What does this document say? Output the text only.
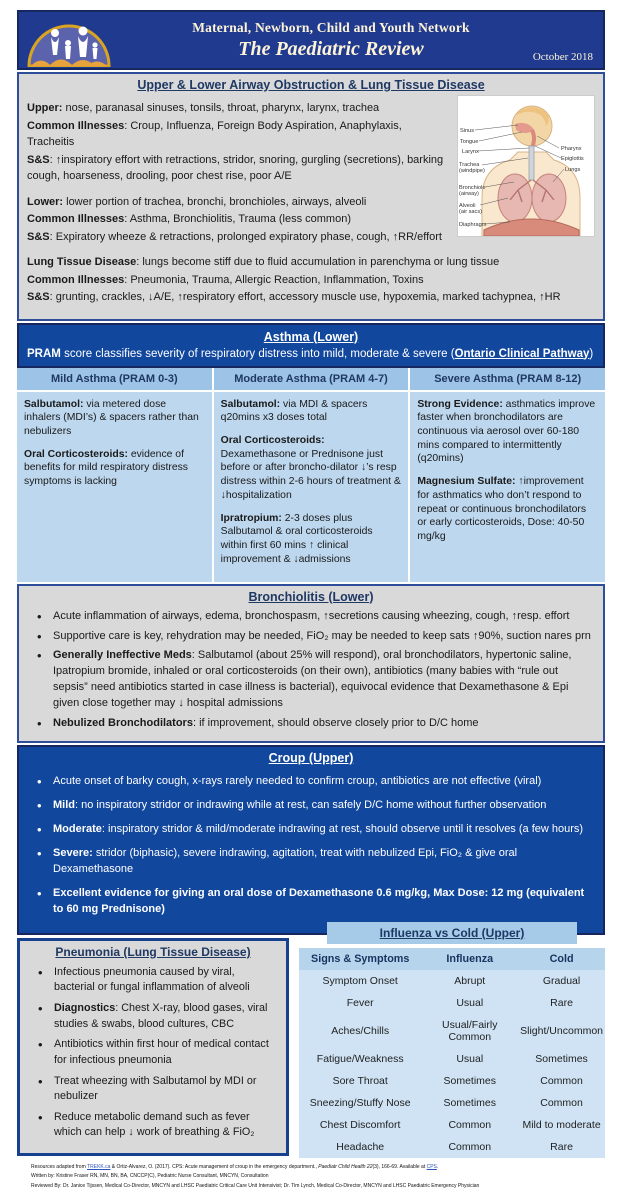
Maternal, Newborn, Child and Youth Network
The Paediatric Review	October 2018
Upper & Lower Airway Obstruction & Lung Tissue Disease
Sinus
Tongue
Larynx
Trachea
(windpipe)
Bronchiole
(airway)
Alveoli
(air sacs)
Diaphragm
Pharynx
Epiglottis
Lungs
Upper: nose, paranasal sinuses, tonsils, throat, pharynx, larynx, trachea
Common Illnesses: Croup, Influenza, Foreign Body Aspiration, Anaphylaxis, Tracheitis
S&S: ↑inspiratory effort with retractions, stridor, snoring, gurgling (secretions), barking cough, hoarseness, drooling, poor chest rise, poor A/E
Lower: lower portion of trachea, bronchi, bronchioles, airways, alveoli
Common Illnesses: Asthma, Bronchiolitis, Trauma (less common)
S&S: Expiratory wheeze & retractions, prolonged expiratory phase, cough, ↑RR/effort
Lung Tissue Disease: lungs become stiff due to fluid accumulation in parenchyma or lung tissue
Common Illnesses: Pneumonia, Trauma, Allergic Reaction, Inflammation, Toxins
S&S: grunting, crackles, ↓A/E, ↑respiratory effort, accessory muscle use, hypoxemia, marked tachypnea, ↑HR
Asthma (Lower)
PRAM score classifies severity of respiratory distress into mild, moderate & severe (Ontario Clinical Pathway)
Mild Asthma (PRAM 0-3)
Salbutamol: via metered dose inhalers (MDI’s) & spacers rather than nebulizers
Oral Corticosteroids: evidence of benefits for mild respiratory distress symptoms is lacking
Moderate Asthma (PRAM 4-7)
Salbutamol: via MDI & spacers q20mins x3 doses total
Oral Corticosteroids: Dexamethasone or Prednisone just before or after broncho-dilator ↓’s resp distress within 2-6 hours of treatment & ↓hospitalization
Ipratropium: 2-3 doses plus Salbutamol & oral corticosteroids within first 60 mins ↑ clinical improvement & ↓admissions
Severe Asthma (PRAM 8-12)
Strong Evidence: asthmatics improve faster when bronchodilators are continuous via aerosol over 60-180 mins compared to intermittently (q20mins)
Magnesium Sulfate: ↑improvement for asthmatics who don’t respond to repeat or continuous bronchodilators or early corticosteroids, Dose: 40-50 mg/kg
Bronchiolitis (Lower)
• Acute inflammation of airways, edema, bronchospasm, ↑secretions causing wheezing, cough, ↑resp. effort
• Supportive care is key, rehydration may be needed, FiO₂ may be needed to keep sats ↑90%, suction nares prn
• Generally Ineffective Meds: Salbutamol (about 25% will respond), oral bronchodilators, hypertonic saline, Ipatropium bromide, inhaled or oral corticosteroids (on their own), antibiotics (many babies with “rule out sepsis” need antibiotics started in case illness is bacterial), equivocal evidence that Dexamethasone & Epi given close together may ↓ hospital admissions
• Nebulized Bronchodilators: if improvement, should observe closely prior to D/C home
Croup (Upper)
• Acute onset of barky cough, x-rays rarely needed to confirm croup, antibiotics are not effective (viral)
• Mild: no inspiratory stridor or indrawing while at rest, can safely D/C home without further observation
• Moderate: inspiratory stridor & mild/moderate indrawing at rest, should observe until it resolves (a few hours)
• Severe: stridor (biphasic), severe indrawing, agitation, treat with nebulized Epi, FiO₂ & give oral Dexamethasone
• Excellent evidence for giving an oral dose of Dexamethasone 0.6 mg/kg, Max Dose: 12 mg (equivalent to 60 mg Prednisone)
Pneumonia (Lung Tissue Disease)
• Infectious pneumonia caused by viral, bacterial or fungal inflammation of alveoli
• Diagnostics: Chest X-ray, blood gases, viral studies & swabs, blood cultures, CBC
• Antibiotics within first hour of medical contact for infectious pneumonia
• Treat wheezing with Salbutamol by MDI or nebulizer
• Reduce metabolic demand such as fever which can help ↓ work of breathing & FiO₂
Influenza vs Cold (Upper)
Signs & Symptoms	Influenza	Cold
Symptom Onset	Abrupt	Gradual
Fever	Usual	Rare
Aches/Chills	Usual/Fairly Common	Slight/Uncommon
Fatigue/Weakness	Usual	Sometimes
Sore Throat	Sometimes	Common
Sneezing/Stuffy Nose	Sometimes	Common
Chest Discomfort	Common	Mild to moderate
Headache	Common	Rare
Resources adapted from TREKK.ca & Ortiz-Alvarez, O. (2017). CPS: Acute management of croup in the emergency department., Paediatr Child Health 22(3), 166-69. Available at CPS.
Written by: Kristine Fraser RN, MN, BN, BA, CNCCP(C), Pediatric Nurse Consultant, MNCYN, Consultation
Reviewed By: Dr. Janice Tijssen, Medical Co-Director, MNCYN and LHSC Paediatric Critical Care Unit Intensivist; Dr. Tim Lynch, Medical Co-Director, MNCYN and LHSC Paediatric Emergency Physician
